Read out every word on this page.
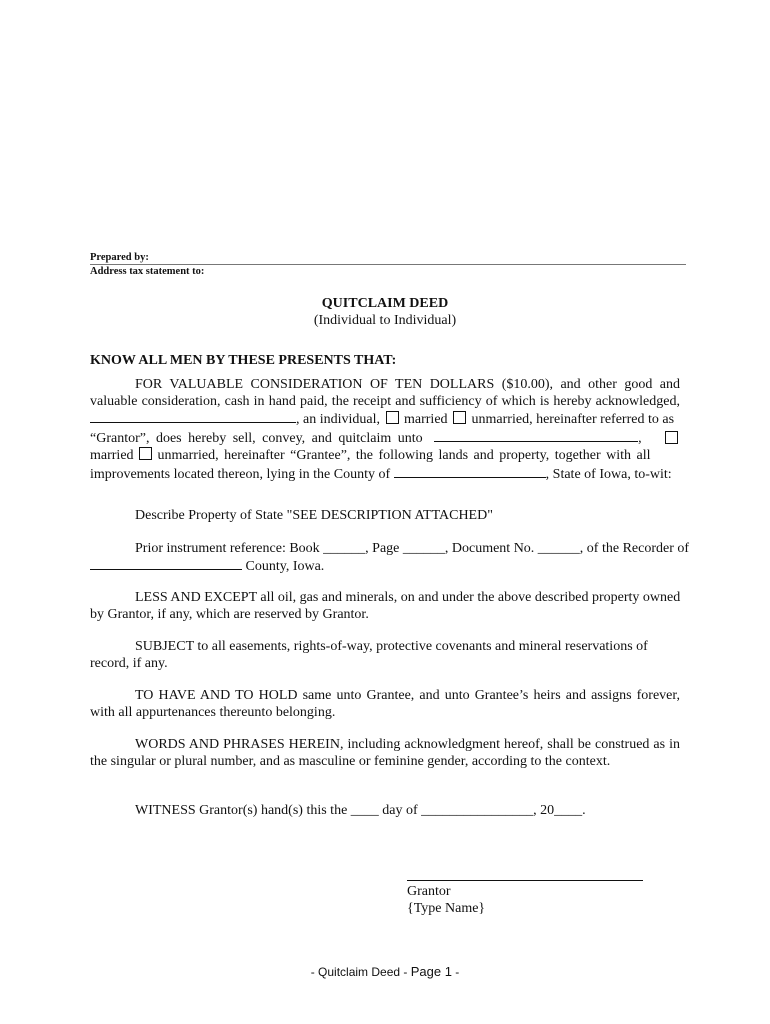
Prepared by:
Address tax statement to:
QUITCLAIM DEED
(Individual to Individual)
KNOW ALL MEN BY THESE PRESENTS THAT:
FOR VALUABLE CONSIDERATION OF TEN DOLLARS ($10.00), and other good and
valuable consideration, cash in hand paid, the receipt and sufficiency of which is hereby acknowledged,
, an individual, married unmarried, hereinafter referred to as
“Grantor”, does hereby sell, convey, and quitclaim unto	,
married unmarried, hereinafter “Grantee”, the following lands and property, together with all
improvements located thereon, lying in the County of	, State of Iowa, to-wit:
Describe Property of State "SEE DESCRIPTION ATTACHED"
Prior instrument reference: Book ______, Page ______, Document No. ______, of the Recorder of
County, Iowa.
LESS AND EXCEPT all oil, gas and minerals, on and under the above described property owned
by Grantor, if any, which are reserved by Grantor.
SUBJECT to all easements, rights-of-way, protective covenants and mineral reservations of
record, if any.
TO HAVE AND TO HOLD same unto Grantee, and unto Grantee’s heirs and assigns forever,
with all appurtenances thereunto belonging.
WORDS AND PHRASES HEREIN, including acknowledgment hereof, shall be construed as in
the singular or plural number, and as masculine or feminine gender, according to the context.
WITNESS Grantor(s) hand(s) this the ____ day of ________________, 20____.
Grantor
{Type Name}
- Quitclaim Deed - Page 1 -
